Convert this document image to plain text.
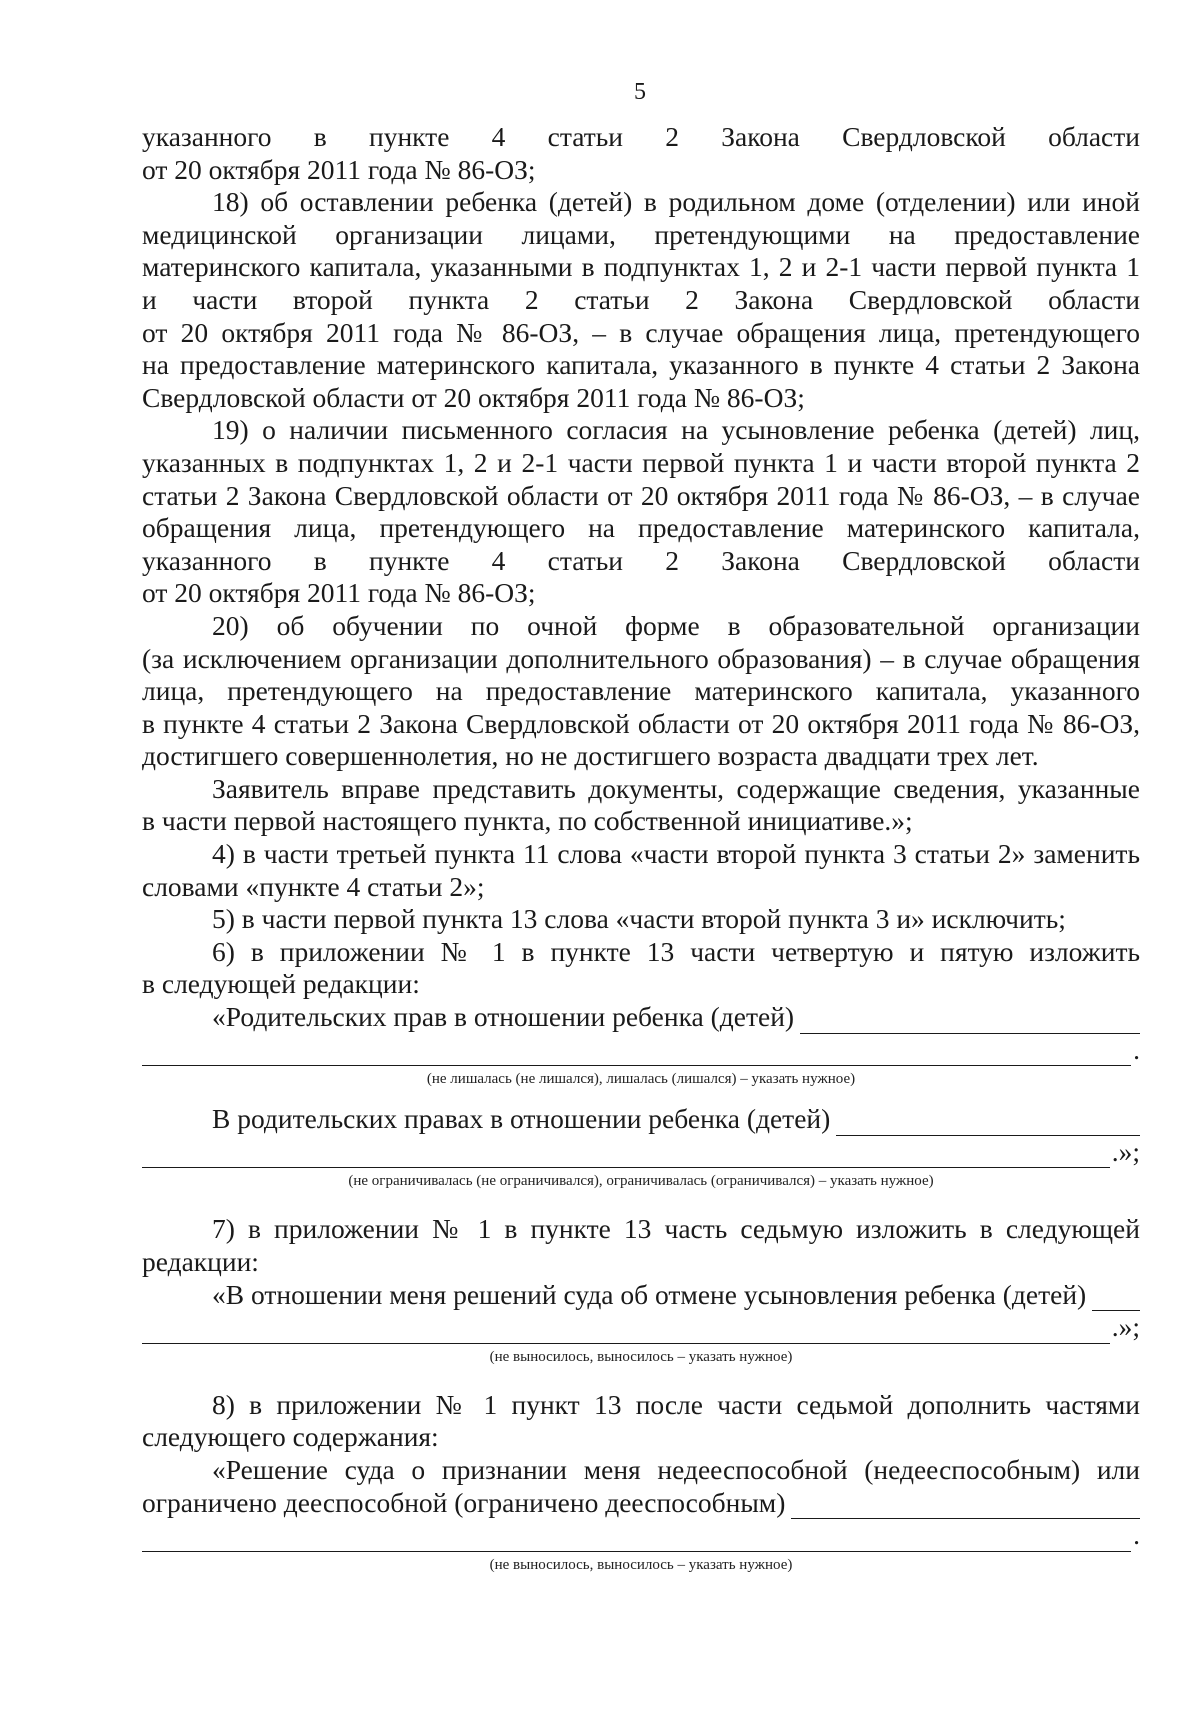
5
указанного в пункте 4 статьи 2 Закона Свердловской области
от 20 октября 2011 года № 86-ОЗ;
18) об оставлении ребенка (детей) в родильном доме (отделении) или иной
медицинской организации лицами, претендующими на предоставление
материнского капитала, указанными в подпунктах 1, 2 и 2-1 части первой пункта 1
и части второй пункта 2 статьи 2 Закона Свердловской области
от 20 октября 2011 года № 86-ОЗ, – в случае обращения лица, претендующего
на предоставление материнского капитала, указанного в пункте 4 статьи 2 Закона
Свердловской области от 20 октября 2011 года № 86-ОЗ;
19) о наличии письменного согласия на усыновление ребенка (детей) лиц,
указанных в подпунктах 1, 2 и 2-1 части первой пункта 1 и части второй пункта 2
статьи 2 Закона Свердловской области от 20 октября 2011 года № 86-ОЗ, – в случае
обращения лица, претендующего на предоставление материнского капитала,
указанного в пункте 4 статьи 2 Закона Свердловской области
от 20 октября 2011 года № 86-ОЗ;
20) об обучении по очной форме в образовательной организации
(за исключением организации дополнительного образования) – в случае обращения
лица, претендующего на предоставление материнского капитала, указанного
в пункте 4 статьи 2 Закона Свердловской области от 20 октября 2011 года № 86-ОЗ,
достигшего совершеннолетия, но не достигшего возраста двадцати трех лет.
Заявитель вправе представить документы, содержащие сведения, указанные
в части первой настоящего пункта, по собственной инициативе.»;
4) в части третьей пункта 11 слова «части второй пункта 3 статьи 2» заменить
словами «пункте 4 статьи 2»;
5) в части первой пункта 13 слова «части второй пункта 3 и» исключить;
6) в приложении № 1 в пункте 13 части четвертую и пятую изложить
в следующей редакции:
«Родительских прав в отношении ребенка (детей)
.
(не лишалась (не лишался), лишалась (лишался) – указать нужное)
В родительских правах в отношении ребенка (детей)
.»;
(не ограничивалась (не ограничивался), ограничивалась (ограничивался) – указать нужное)
7) в приложении № 1 в пункте 13 часть седьмую изложить в следующей
редакции:
«В отношении меня решений суда об отмене усыновления ребенка (детей)
.»;
(не выносилось, выносилось – указать нужное)
8) в приложении № 1 пункт 13 после части седьмой дополнить частями
следующего содержания:
«Решение суда о признании меня недееспособной (недееспособным) или
ограничено дееспособной (ограничено дееспособным)
.
(не выносилось, выносилось – указать нужное)
